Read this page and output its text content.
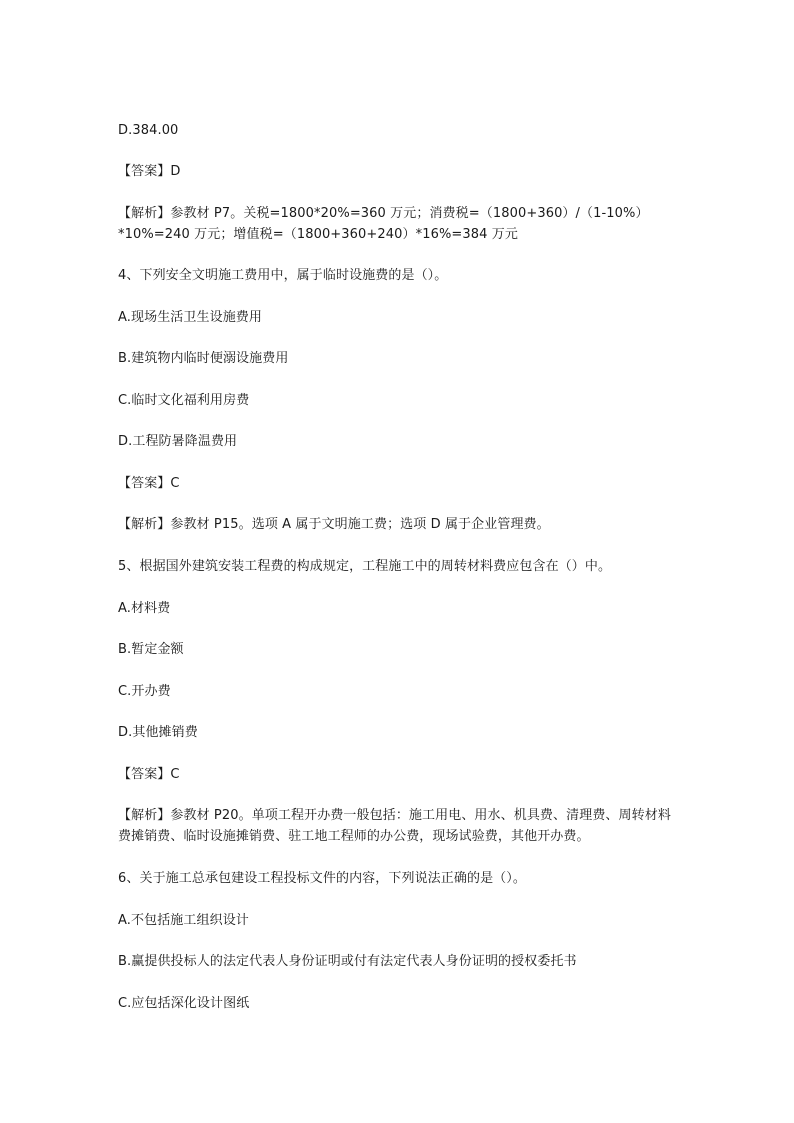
D.384.00

【答案】D

【解析】参教材 P7。关税=1800*20%=360 万元；消费税=（1800+360）/（1-10%）*10%=240 万元；增值税=（1800+360+240）*16%=384 万元

4、下列安全文明施工费用中，属于临时设施费的是（）。

A.现场生活卫生设施费用

B.建筑物内临时便溺设施费用

C.临时文化福利用房费

D.工程防暑降温费用

【答案】C

【解析】参教材 P15。选项 A 属于文明施工费；选项 D 属于企业管理费。

5、根据国外建筑安装工程费的构成规定，工程施工中的周转材料费应包含在（）中。

A.材料费

B.暂定金额

C.开办费

D.其他摊销费

【答案】C

【解析】参教材 P20。单项工程开办费一般包括：施工用电、用水、机具费、清理费、周转材料费摊销费、临时设施摊销费、驻工地工程师的办公费，现场试验费，其他开办费。

6、关于施工总承包建设工程投标文件的内容，下列说法正确的是（）。

A.不包括施工组织设计

B.赢提供投标人的法定代表人身份证明或付有法定代表人身份证明的授权委托书

C.应包括深化设计图纸
